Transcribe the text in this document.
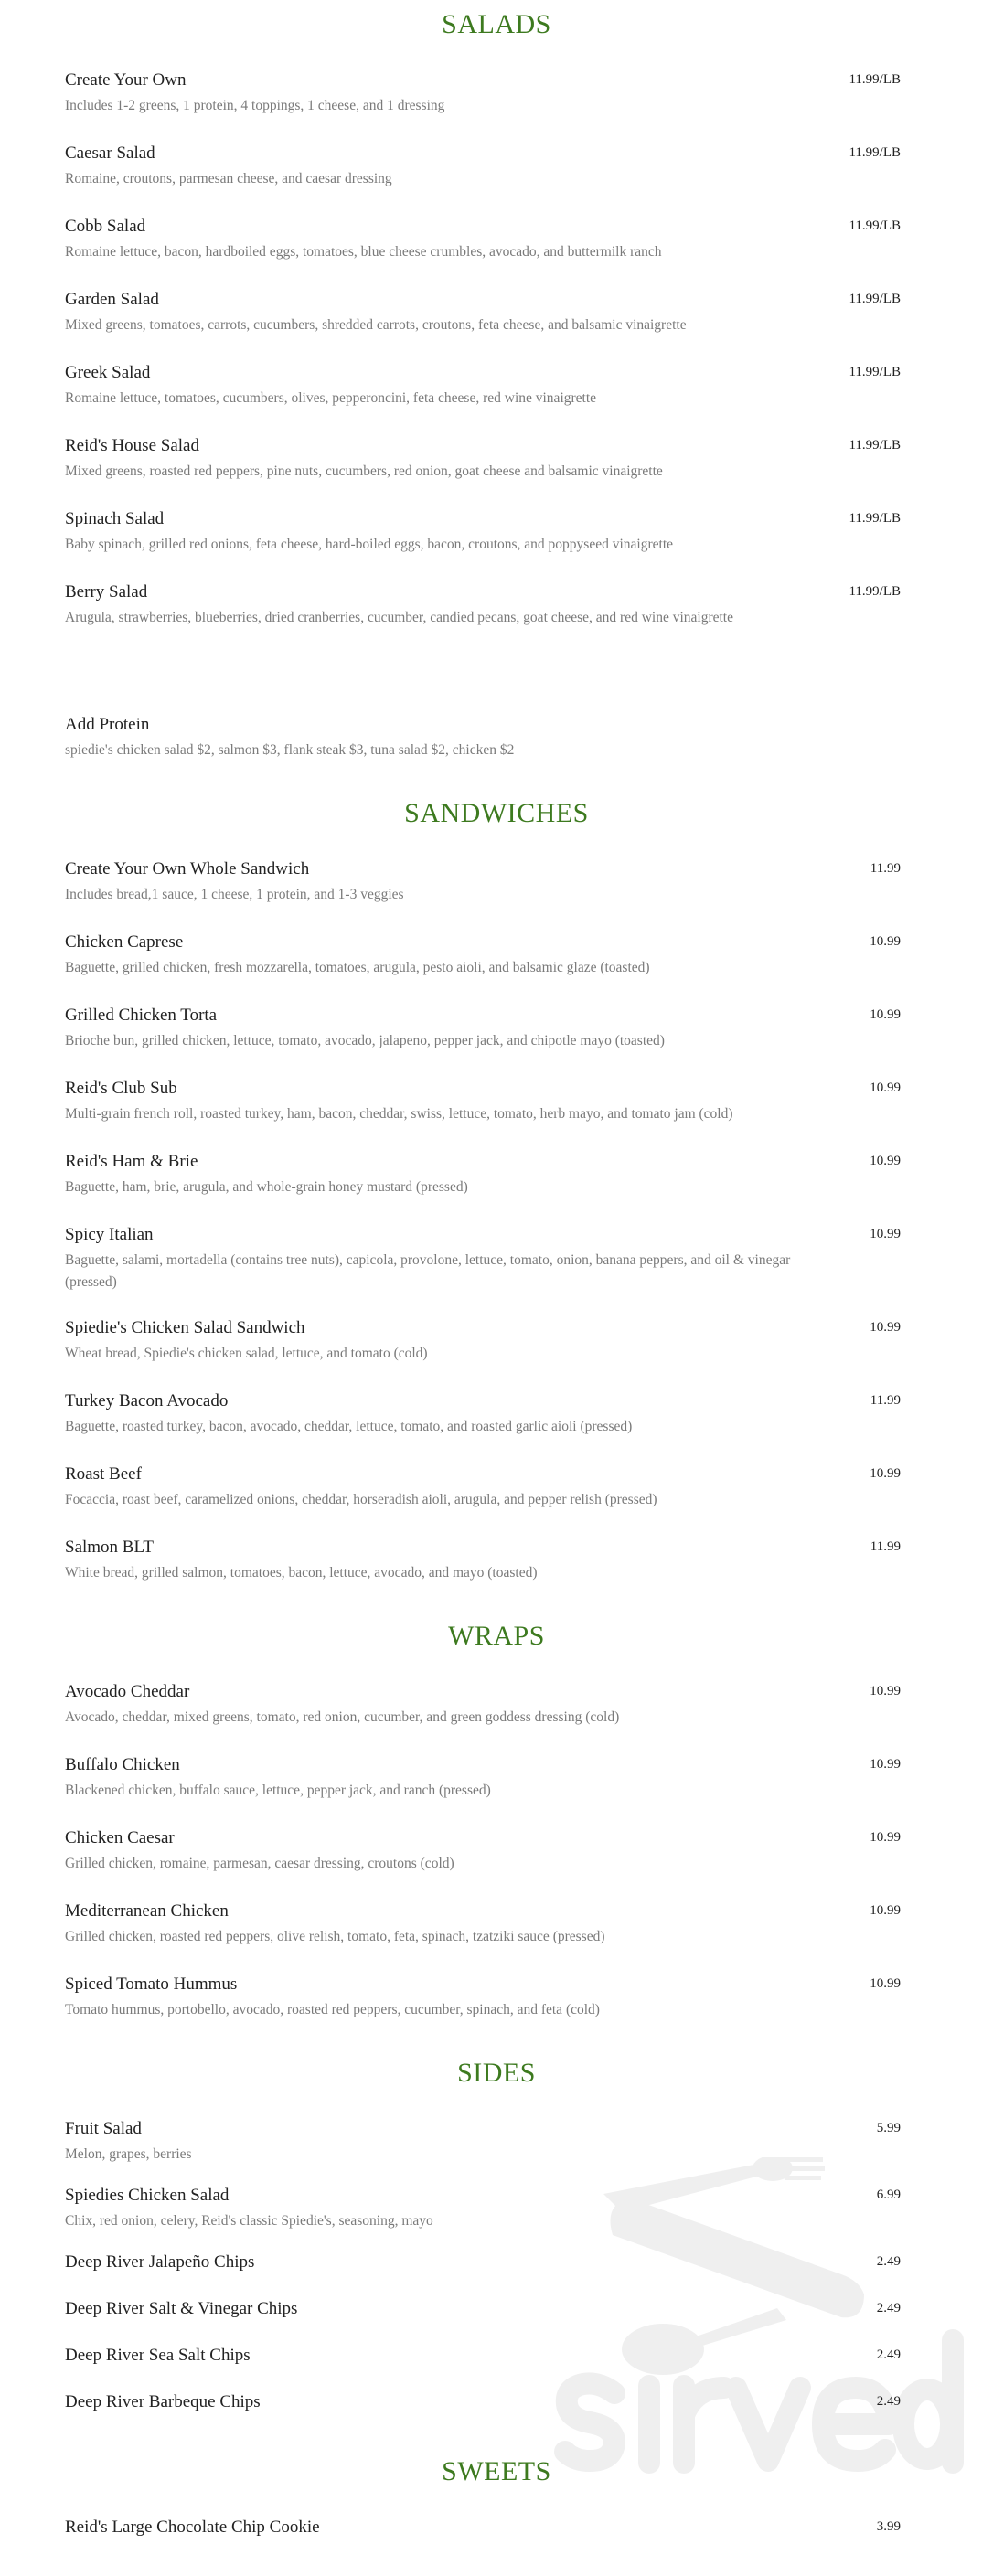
SALADS
Create Your Own
Includes 1-2 greens, 1 protein, 4 toppings, 1 cheese, and 1 dressing
11.99/LB
Caesar Salad
Romaine, croutons, parmesan cheese, and caesar dressing
11.99/LB
Cobb Salad
Romaine lettuce, bacon, hardboiled eggs, tomatoes, blue cheese crumbles, avocado, and buttermilk ranch
11.99/LB
Garden Salad
Mixed greens, tomatoes, carrots, cucumbers, shredded carrots, croutons, feta cheese, and balsamic vinaigrette
11.99/LB
Greek Salad
Romaine lettuce, tomatoes, cucumbers, olives, pepperoncini, feta cheese, red wine vinaigrette
11.99/LB
Reid's House Salad
Mixed greens, roasted red peppers, pine nuts, cucumbers, red onion, goat cheese and balsamic vinaigrette
11.99/LB
Spinach Salad
Baby spinach, grilled red onions, feta cheese, hard-boiled eggs, bacon, croutons, and poppyseed vinaigrette
11.99/LB
Berry Salad
Arugula, strawberries, blueberries, dried cranberries, cucumber, candied pecans, goat cheese, and red wine vinaigrette
11.99/LB
Add Protein
spiedie's chicken salad $2, salmon $3, flank steak $3, tuna salad $2, chicken $2
SANDWICHES
Create Your Own Whole Sandwich
Includes bread,1 sauce, 1 cheese, 1 protein, and 1-3 veggies
11.99
Chicken Caprese
Baguette, grilled chicken, fresh mozzarella, tomatoes, arugula, pesto aioli, and balsamic glaze (toasted)
10.99
Grilled Chicken Torta
Brioche bun, grilled chicken, lettuce, tomato, avocado, jalapeno, pepper jack, and chipotle mayo (toasted)
10.99
Reid's Club Sub
Multi-grain french roll, roasted turkey, ham, bacon, cheddar, swiss, lettuce, tomato, herb mayo, and tomato jam (cold)
10.99
Reid's Ham & Brie
Baguette, ham, brie, arugula, and whole-grain honey mustard (pressed)
10.99
Spicy Italian
Baguette, salami, mortadella (contains tree nuts), capicola, provolone, lettuce, tomato, onion, banana peppers, and oil & vinegar (pressed)
10.99
Spiedie's Chicken Salad Sandwich
Wheat bread, Spiedie's chicken salad, lettuce, and tomato (cold)
10.99
Turkey Bacon Avocado
Baguette, roasted turkey, bacon, avocado, cheddar, lettuce, tomato, and roasted garlic aioli (pressed)
11.99
Roast Beef
Focaccia, roast beef, caramelized onions, cheddar, horseradish aioli, arugula, and pepper relish (pressed)
10.99
Salmon BLT
White bread, grilled salmon, tomatoes, bacon, lettuce, avocado, and mayo (toasted)
11.99
WRAPS
Avocado Cheddar
Avocado, cheddar, mixed greens, tomato, red onion, cucumber, and green goddess dressing (cold)
10.99
Buffalo Chicken
Blackened chicken, buffalo sauce, lettuce, pepper jack, and ranch (pressed)
10.99
Chicken Caesar
Grilled chicken, romaine, parmesan, caesar dressing, croutons (cold)
10.99
Mediterranean Chicken
Grilled chicken, roasted red peppers, olive relish, tomato, feta, spinach, tzatziki sauce (pressed)
10.99
Spiced Tomato Hummus
Tomato hummus, portobello, avocado, roasted red peppers, cucumber, spinach, and feta (cold)
10.99
SIDES
Fruit Salad
Melon, grapes, berries
5.99
Spiedies Chicken Salad
Chix, red onion, celery, Reid's classic Spiedie's, seasoning, mayo
6.99
Deep River Jalapeño Chips	2.49
Deep River Salt & Vinegar Chips	2.49
Deep River Sea Salt Chips	2.49
Deep River Barbeque Chips	2.49
SWEETS
Reid's Large Chocolate Chip Cookie	3.99
